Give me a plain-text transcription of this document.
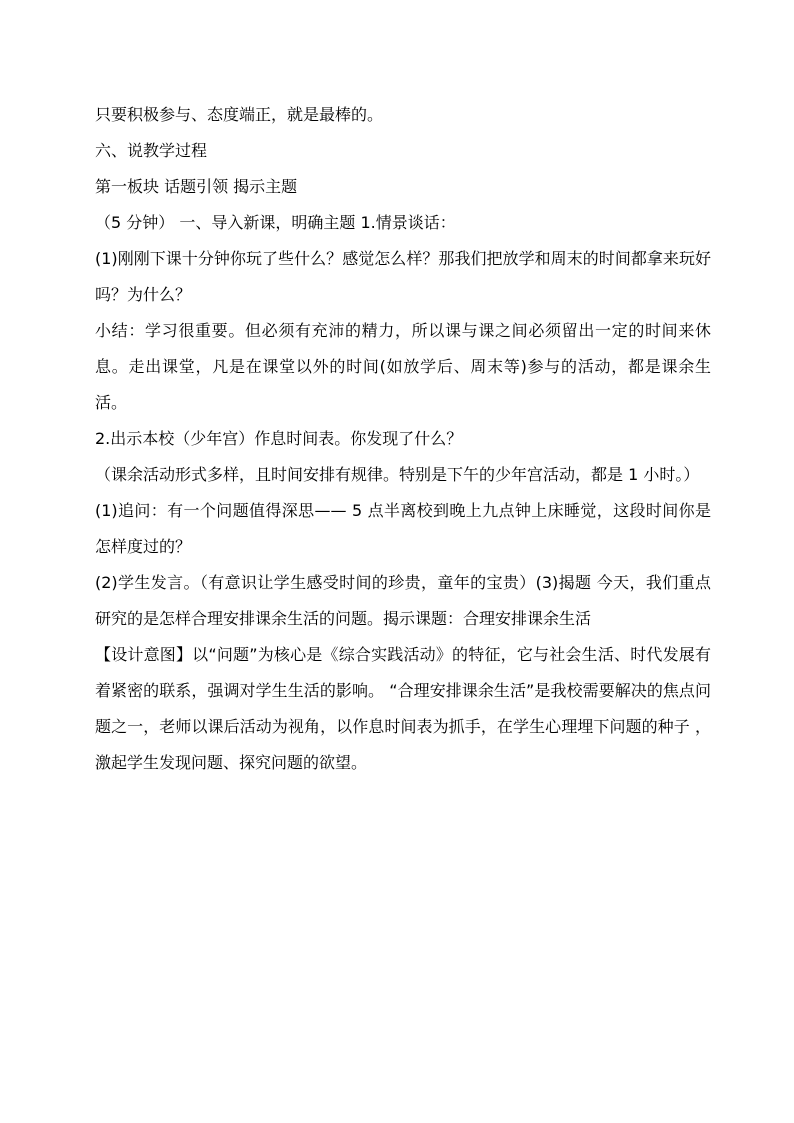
只要积极参与、态度端正，就是最棒的。

六、说教学过程

第一板块 话题引领 揭示主题

（5 分钟） 一、导入新课，明确主题 1.情景谈话：

(1)刚刚下课十分钟你玩了些什么？感觉怎么样？那我们把放学和周末的时间都拿来玩好吗？为什么？

小结：学习很重要。但必须有充沛的精力，所以课与课之间必须留出一定的时间来休息。走出课堂，凡是在课堂以外的时间(如放学后、周末等)参与的活动，都是课余生活。

2.出示本校（少年宫）作息时间表。你发现了什么？

（课余活动形式多样，且时间安排有规律。特别是下午的少年宫活动，都是 1 小时。）

(1)追问：有一个问题值得深思—— 5 点半离校到晚上九点钟上床睡觉，这段时间你是怎样度过的？

(2)学生发言。（有意识让学生感受时间的珍贵，童年的宝贵）(3)揭题 今天，我们重点研究的是怎样合理安排课余生活的问题。揭示课题：合理安排课余生活

【设计意图】以“问题”为核心是《综合实践活动》的特征，它与社会生活、时代发展有着紧密的联系，强调对学生生活的影响。 “合理安排课余生活”是我校需要解决的焦点问题之一，老师以课后活动为视角，以作息时间表为抓手，在学生心理埋下问题的种子 ，激起学生发现问题、探究问题的欲望。
